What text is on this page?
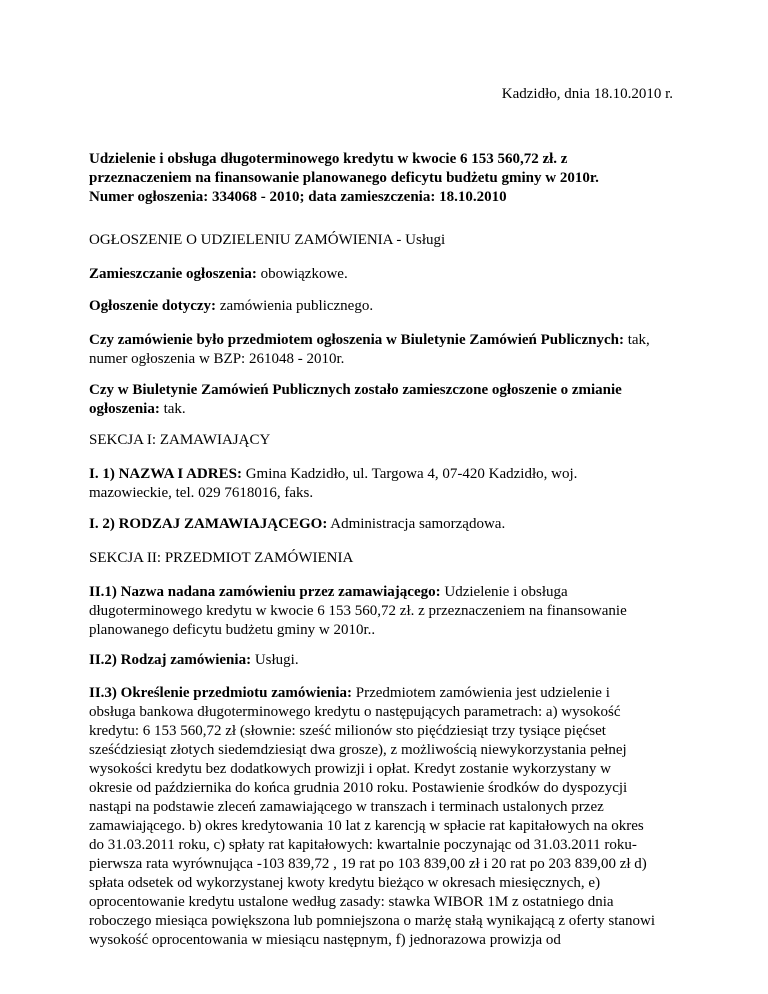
Kadzidło, dnia 18.10.2010 r.

Udzielenie i obsługa długoterminowego kredytu w kwocie 6 153 560,72 zł. z
przeznaczeniem na finansowanie planowanego deficytu budżetu gminy w 2010r.
Numer ogłoszenia: 334068 - 2010; data zamieszczenia: 18.10.2010

OGŁOSZENIE O UDZIELENIU ZAMÓWIENIA - Usługi

Zamieszczanie ogłoszenia: obowiązkowe.

Ogłoszenie dotyczy: zamówienia publicznego.

Czy zamówienie było przedmiotem ogłoszenia w Biuletynie Zamówień Publicznych: tak,
numer ogłoszenia w BZP: 261048 - 2010r.

Czy w Biuletynie Zamówień Publicznych zostało zamieszczone ogłoszenie o zmianie
ogłoszenia: tak.

SEKCJA I: ZAMAWIAJĄCY

I. 1) NAZWA I ADRES: Gmina Kadzidło, ul. Targowa 4, 07-420 Kadzidło, woj.
mazowieckie, tel. 029 7618016, faks.

I. 2) RODZAJ ZAMAWIAJĄCEGO: Administracja samorządowa.

SEKCJA II: PRZEDMIOT ZAMÓWIENIA

II.1) Nazwa nadana zamówieniu przez zamawiającego: Udzielenie i obsługa
długoterminowego kredytu w kwocie 6 153 560,72 zł. z przeznaczeniem na finansowanie
planowanego deficytu budżetu gminy w 2010r..

II.2) Rodzaj zamówienia: Usługi.

II.3) Określenie przedmiotu zamówienia: Przedmiotem zamówienia jest udzielenie i
obsługa bankowa długoterminowego kredytu o następujących parametrach: a) wysokość
kredytu: 6 153 560,72 zł (słownie: sześć milionów sto pięćdziesiąt trzy tysiące pięćset
sześćdziesiąt złotych siedemdziesiąt dwa grosze), z możliwością niewykorzystania pełnej
wysokości kredytu bez dodatkowych prowizji i opłat. Kredyt zostanie wykorzystany w
okresie od października do końca grudnia 2010 roku. Postawienie środków do dyspozycji
nastąpi na podstawie zleceń zamawiającego w transzach i terminach ustalonych przez
zamawiającego. b) okres kredytowania 10 lat z karencją w spłacie rat kapitałowych na okres
do 31.03.2011 roku, c) spłaty rat kapitałowych: kwartalnie poczynając od 31.03.2011 roku-
pierwsza rata wyrównująca -103 839,72 , 19 rat po 103 839,00 zł i 20 rat po 203 839,00 zł d)
spłata odsetek od wykorzystanej kwoty kredytu bieżąco w okresach miesięcznych, e)
oprocentowanie kredytu ustalone według zasady: stawka WIBOR 1M z ostatniego dnia
roboczego miesiąca powiększona lub pomniejszona o marżę stałą wynikającą z oferty stanowi
wysokość oprocentowania w miesiącu następnym, f) jednorazowa prowizja od
